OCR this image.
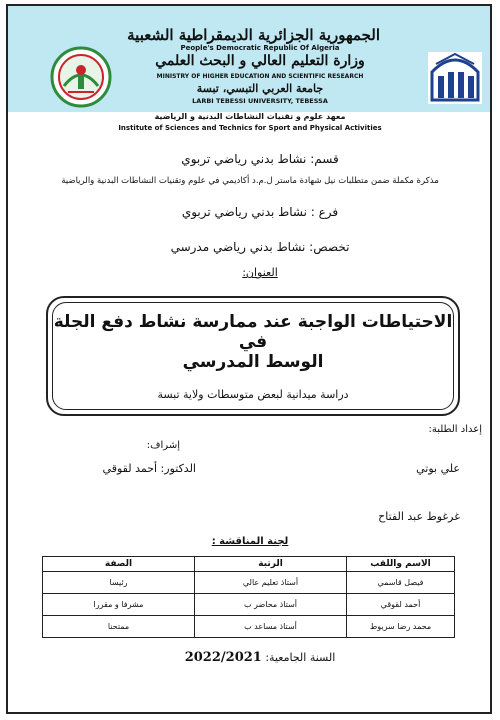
الجمهورية الجزائرية الديمقراطية الشعبية
People's Democratic Republic Of Algeria
وزارة التعليم العالي و البحث العلمي
MINISTRY OF HIGHER EDUCATION AND SCIENTIFIC RESEARCH
جامعة العربي التبسي، تبسة
LARBI TEBESSI UNIVERSITY, TEBESSA
معهد علوم و تقنيات النشاطات البدنية و الرياضية
Institute of Sciences and Technics for Sport and Physical Activities
قسم: نشاط بدني رياضي تربوي
مذكرة مكملة ضمن متطلبات نيل شهادة ماستر ل.م.د أكاديمي في علوم وتقنيات النشاطات البدنية والرياضية
فرع : نشاط بدني رياضي تربوي
تخصص: نشاط بدني رياضي مدرسي
العنوان:
الاحتياطات الواجبة عند ممارسة نشاط دفع الجلة في
الوسط المدرسي
دراسة ميدانية لبعض متوسطات ولاية تبسة
إعداد الطلبة:
إشراف:
علي بوتي
الدكتور: أحمد لقوقي
غرغوط عبد الفتاح
لجنة المناقشة :
الاسم واللقب	الرتبة	الصفة
فيصل قاسمي	أستاذ تعليم عالي	رئيسا
أحمد لقوقي	أستاذ محاضر ب	مشرفا و مقررا
محمد رضا سريوط	أستاذ مساعد ب	ممتحنا
السنة الجامعية: 2022/2021
